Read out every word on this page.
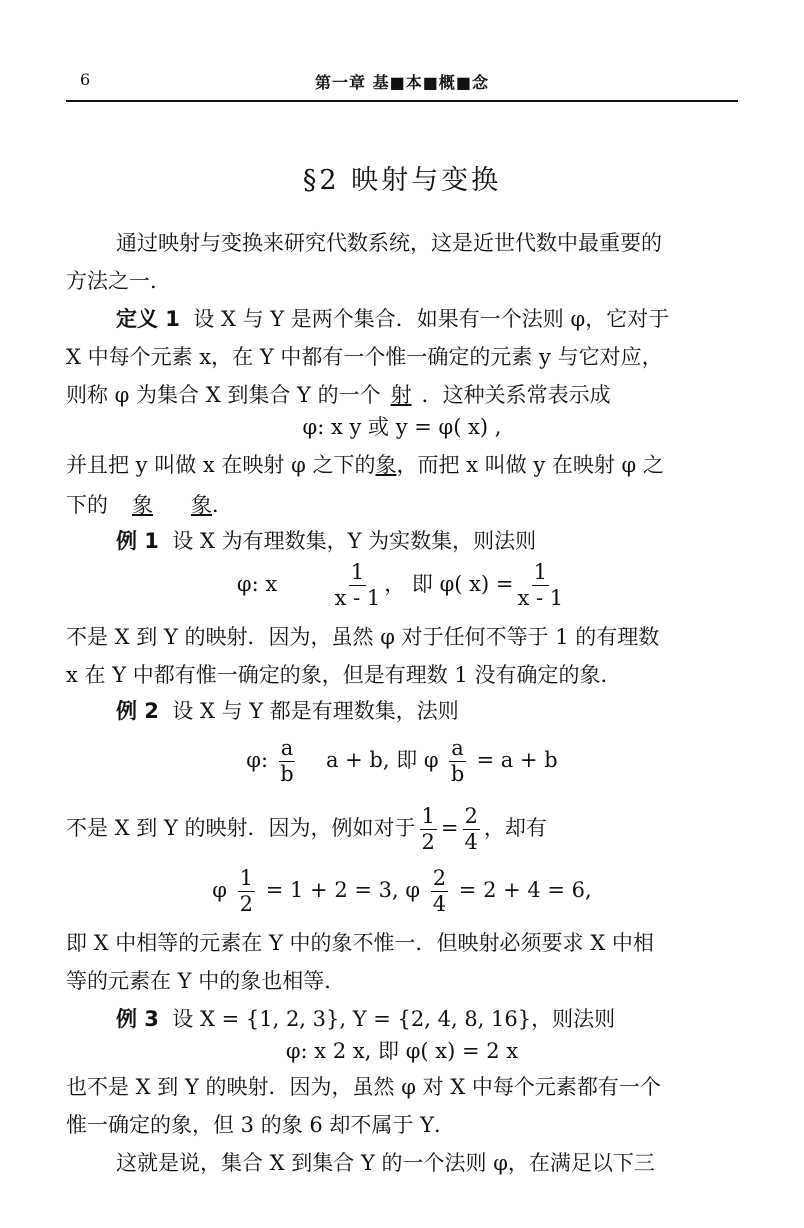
6	第一章 基■本■概■念
§2 映射与变换
通过映射与变换来研究代数系统，这是近世代数中最重要的
方法之一．
定义 1 设 X 与 Y 是两个集合．如果有一个法则 φ，它对于
X 中每个元素 x，在 Y 中都有一个惟一确定的元素 y 与它对应，
则称 φ 为集合 X 到集合 Y 的一个 射 ．这种关系常表示成
φ: x y 或 y = φ( x) ,
并且把 y 叫做 x 在映射 φ 之下的象，而把 x 叫做 y 在映射 φ 之
下的 象 象．
例 1 设 X 为有理数集，Y 为实数集，则法则
φ: x	$\frac{1}{x - 1}$ ， 即 φ( $x) = \frac{1}{x - 1}$
不是 X 到 Y 的映射．因为，虽然 φ 对于任何不等于 1 的有理数
x 在 Y 中都有惟一确定的象，但是有理数 1 没有确定的象．
例 2 设 X 与 Y 都是有理数集，法则
φ: $\frac{a}{b}$ a + b, 即 φ $\frac{a}{b} = a + b$
不是 X 到 Y 的映射．因为，例如对于 $\frac{1}{2} = \frac{2}{4}$ ，却有
φ $\frac{1}{2} = 1 + 2 = 3$, φ $\frac{2}{4} = 2 + 4 = 6$,
即 X 中相等的元素在 Y 中的象不惟一．但映射必须要求 X 中相
等的元素在 Y 中的象也相等．
例 3 设 X = {1, 2, 3}, Y = {2, 4, 8, 16}，则法则
φ: x 2 x, 即 φ( x) = 2 x
也不是 X 到 Y 的映射．因为，虽然 φ 对 X 中每个元素都有一个
惟一确定的象，但 3 的象 6 却不属于 Y．
这就是说，集合 X 到集合 Y 的一个法则 φ，在满足以下三
